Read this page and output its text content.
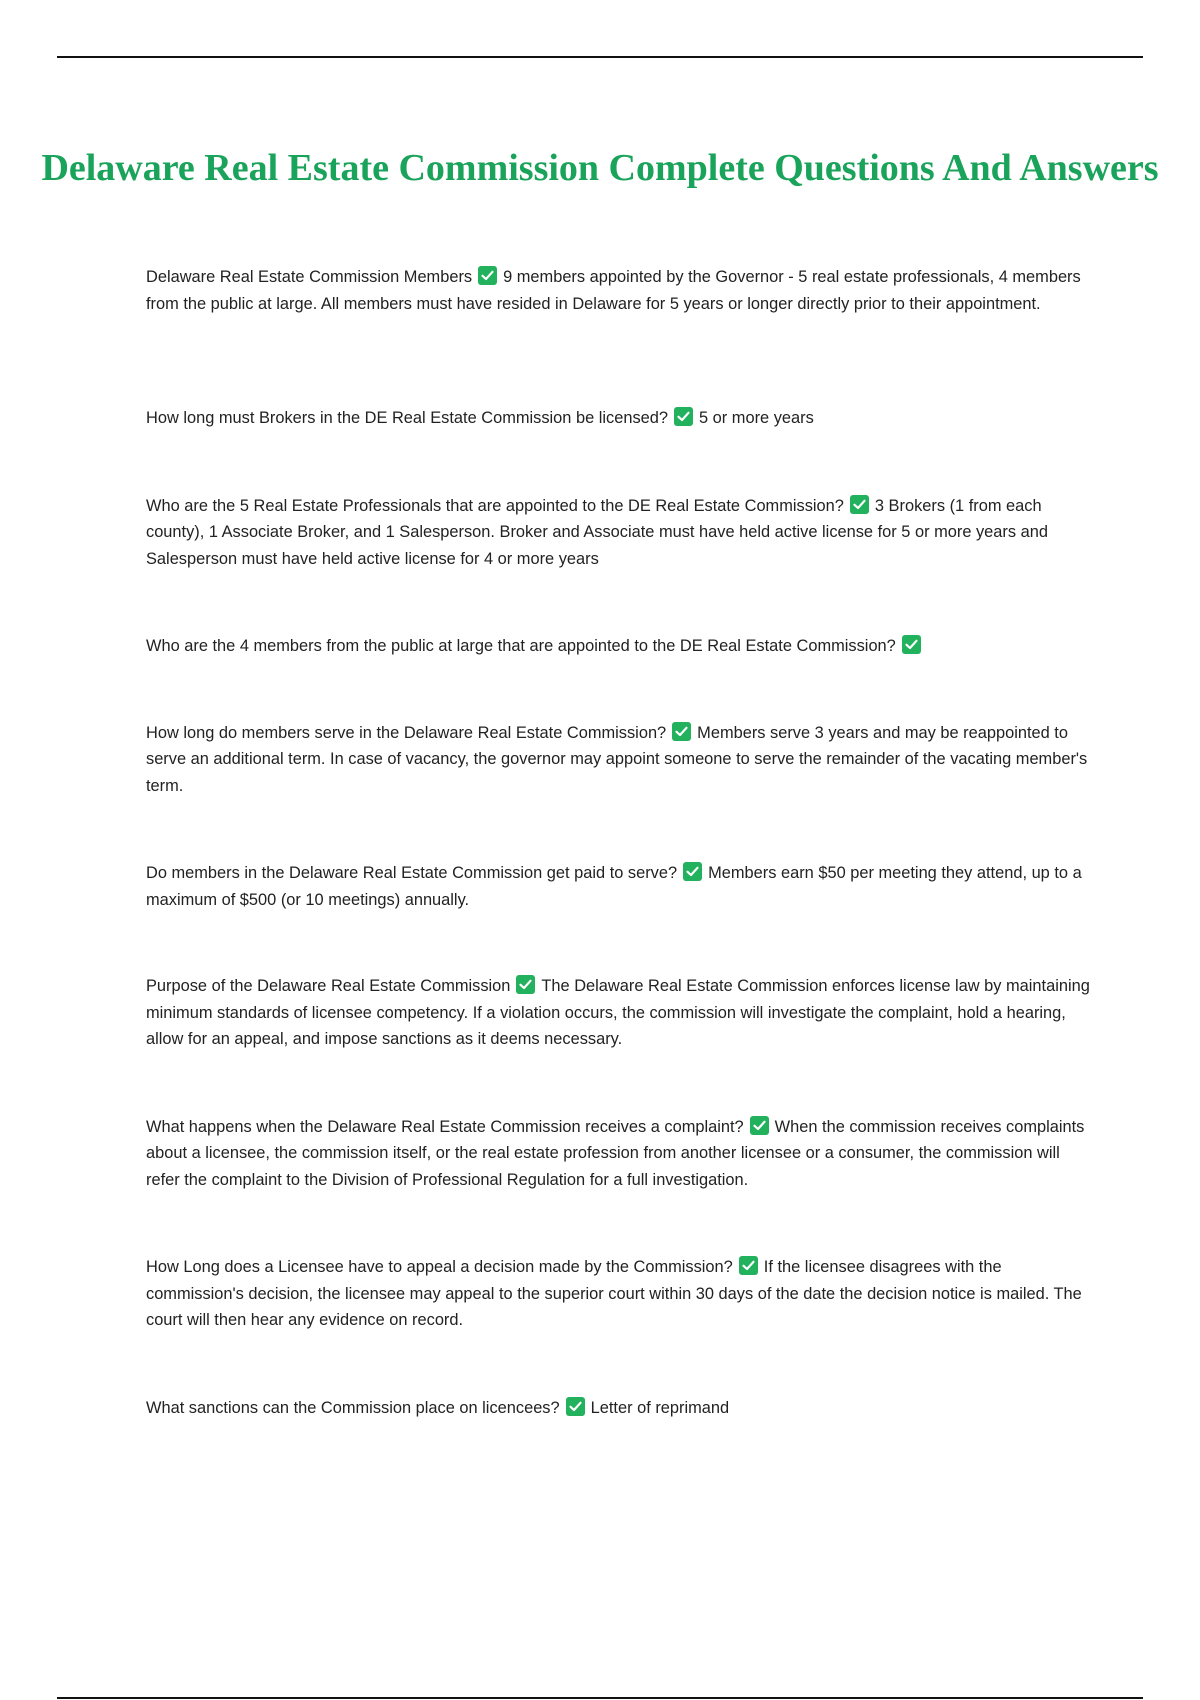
Delaware Real Estate Commission Complete Questions And Answers
Delaware Real Estate Commission Members 9 members appointed by the Governor - 5 real estate professionals, 4 members from the public at large. All members must have resided in Delaware for 5 years or longer directly prior to their appointment.
How long must Brokers in the DE Real Estate Commission be licensed? 5 or more years
Who are the 5 Real Estate Professionals that are appointed to the DE Real Estate Commission? 3 Brokers (1 from each county), 1 Associate Broker, and 1 Salesperson. Broker and Associate must have held active license for 5 or more years and Salesperson must have held active license for 4 or more years
Who are the 4 members from the public at large that are appointed to the DE Real Estate Commission?
How long do members serve in the Delaware Real Estate Commission? Members serve 3 years and may be reappointed to serve an additional term. In case of vacancy, the governor may appoint someone to serve the remainder of the vacating member's term.
Do members in the Delaware Real Estate Commission get paid to serve? Members earn $50 per meeting they attend, up to a maximum of $500 (or 10 meetings) annually.
Purpose of the Delaware Real Estate Commission The Delaware Real Estate Commission enforces license law by maintaining minimum standards of licensee competency. If a violation occurs, the commission will investigate the complaint, hold a hearing, allow for an appeal, and impose sanctions as it deems necessary.
What happens when the Delaware Real Estate Commission receives a complaint? When the commission receives complaints about a licensee, the commission itself, or the real estate profession from another licensee or a consumer, the commission will refer the complaint to the Division of Professional Regulation for a full investigation.
How Long does a Licensee have to appeal a decision made by the Commission? If the licensee disagrees with the commission's decision, the licensee may appeal to the superior court within 30 days of the date the decision notice is mailed. The court will then hear any evidence on record.
What sanctions can the Commission place on licencees? Letter of reprimand
